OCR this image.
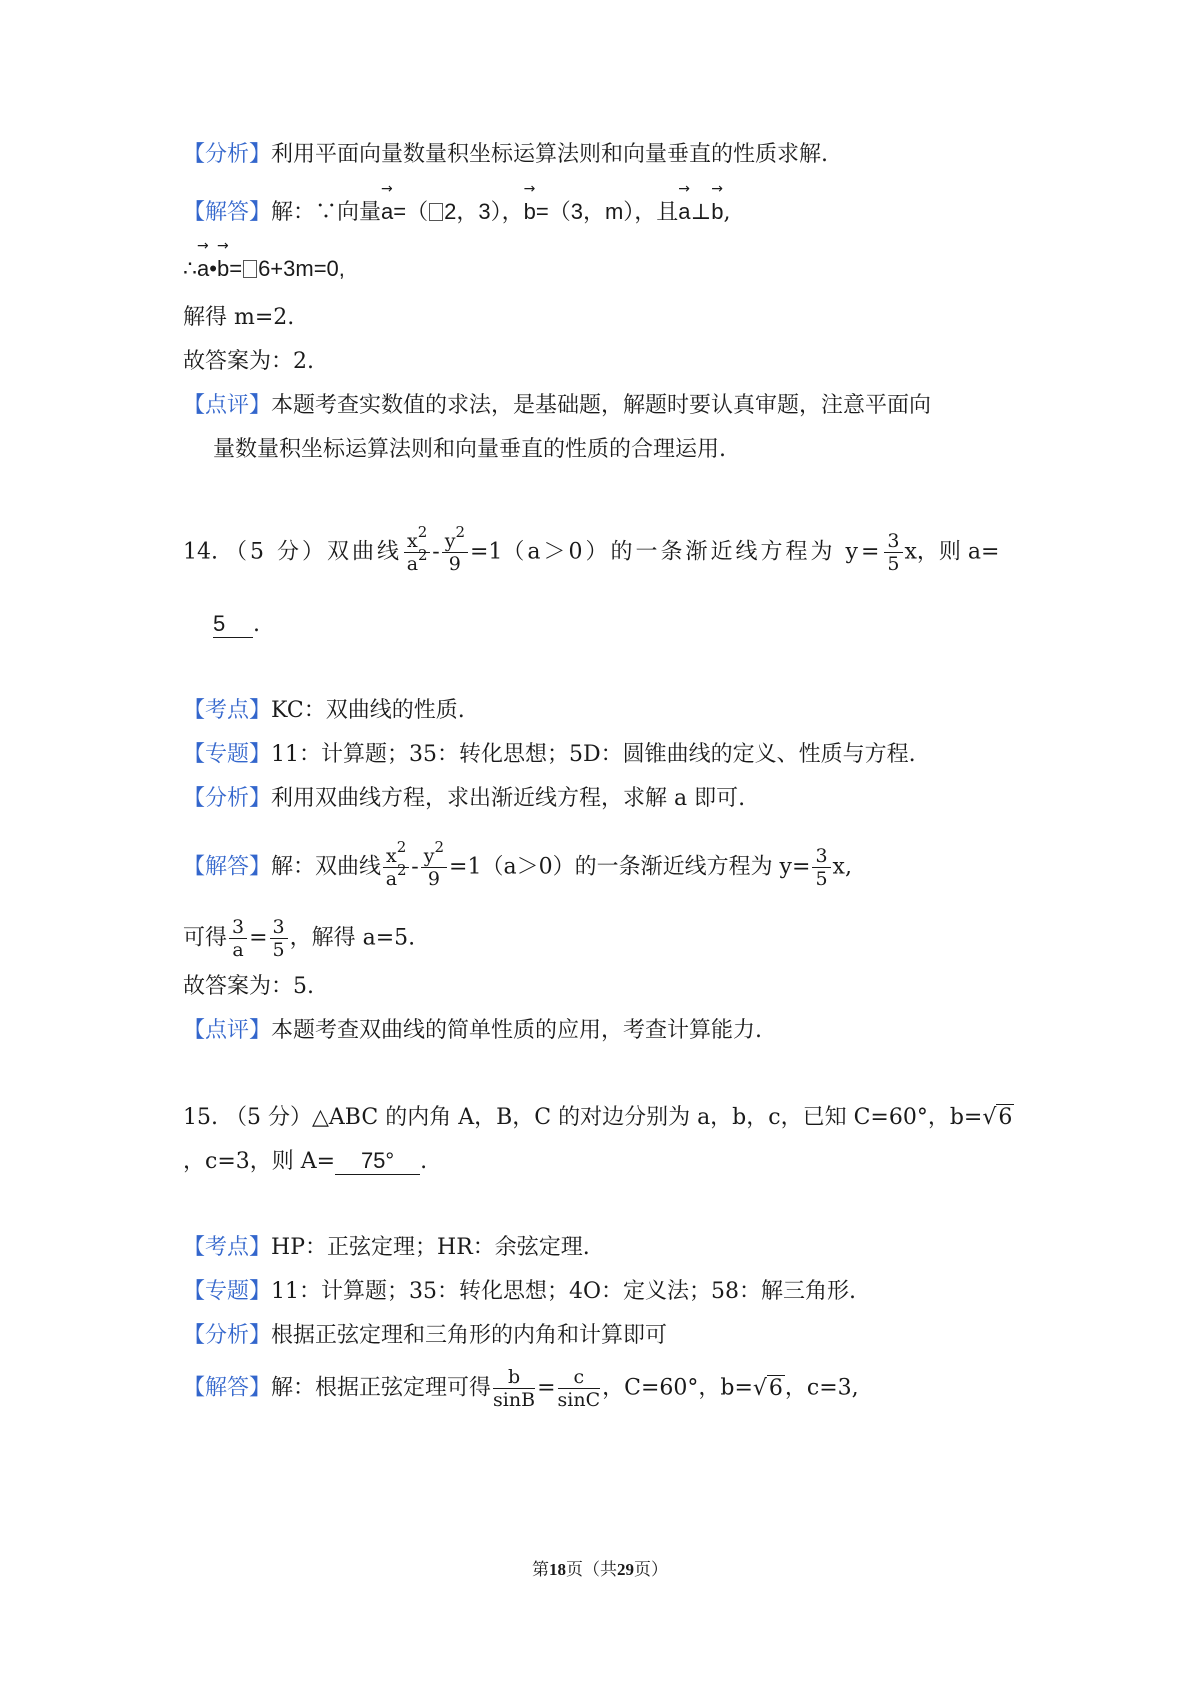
【分析】利用平面向量数量积坐标运算法则和向量垂直的性质求解.
【解答】解：∵向量→ a=（ 2，3），→ b=（3，m），且→ a⊥→ b,
∴→ a•→ b= 6+3m=0,
解得 m=2.
故答案为：2.
【点评】本题考查实数值的求法，是基础题，解题时要认真审题，注意平面向
量数量积坐标运算法则和向量垂直的性质的合理运用.
14. （5 分）双曲线 $\frac{x^2}{a^2} - \frac{y^2}{9} =1(a>0)$的一条渐近线方程为 $y= \frac{3}{5}$ x，则 a=
5 .
【考点】KC：双曲线的性质.
【专题】11：计算题；35：转化思想；5D：圆锥曲线的定义、性质与方程.
【分析】利用双曲线方程，求出渐近线方程，求解 a 即可.
【解答】解：双曲线 $\frac{x^2}{a^2} - \frac{y^2}{9} =1(a>0)$的一条渐近线方程为 $y= \frac{3}{5} x$,
可得 $\frac{3}{a} = \frac{3}{5}$ ，解得 a=5.
故答案为：5.
【点评】本题考查双曲线的简单性质的应用，考查计算能力.
15. （5 分）△ABC 的内角 A，B，C 的对边分别为 a，b，c，已知 C=60°，b=√6
，c=3，则 A= 75° .
【考点】HP：正弦定理；HR：余弦定理.
【专题】11：计算题；35：转化思想；4O：定义法；58：解三角形.
【分析】根据正弦定理和三角形的内角和计算即可
【解答】解：根据正弦定理可得 $\frac{b}{\sin B} = \frac{c}{\sin C}$ ，C=60°，b=√6，c=3,
第18页（共29页）
